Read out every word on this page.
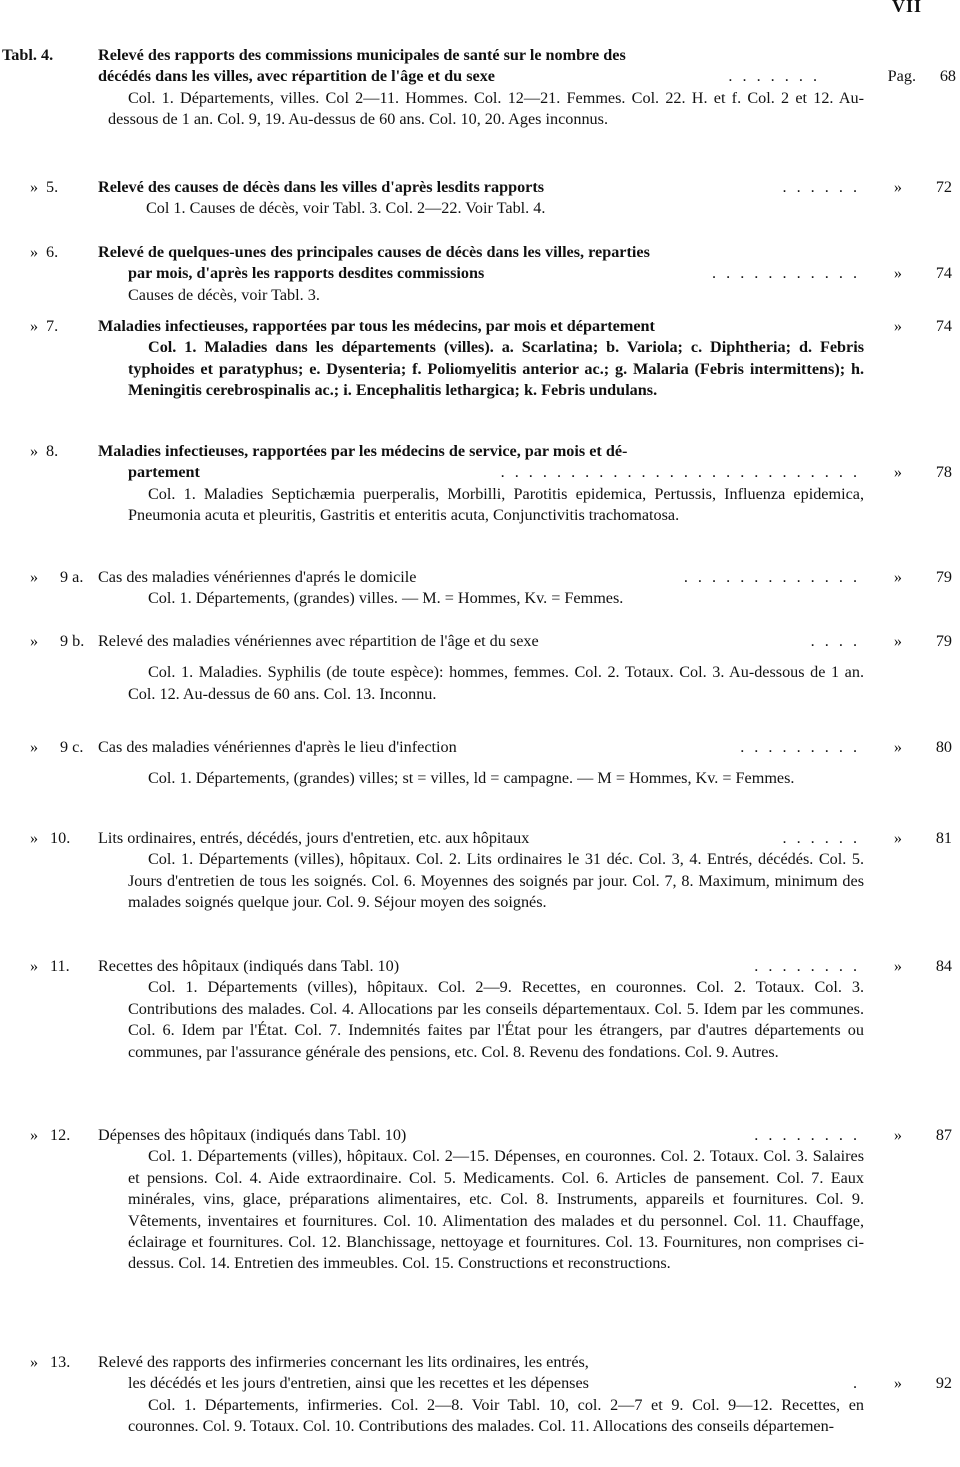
VII
Tabl. 4.	Relevé des rapports des commissions municipales de santé sur le nombre des
décédés dans les villes, avec répartition de l'âge et du sexe	. . . . . . .	Pag.	68
Col. 1. Départements, villes. Col 2—11. Hommes. Col. 12—21. Femmes. Col. 22. H. et f. Col. 2 et 12. Au-dessous de 1 an. Col. 9, 19. Au-dessus de 60 ans. Col. 10, 20. Ages inconnus.
» 5. Relevé des causes de décès dans les villes d'après lesdits rapports	. . . . . . »	72
Col 1. Causes de décès, voir Tabl. 3. Col. 2—22. Voir Tabl. 4.
» 6. Relevé de quelques-unes des principales causes de décès dans les villes, reparties
par mois, d'après les rapports desdites commissions	. . . . . . . . . . . »	74
Causes de décès, voir Tabl. 3.
» 7. Maladies infectieuses, rapportées par tous les médecins, par mois et département	»	74
Col. 1. Maladies dans les départements (villes). a. Scarlatina; b. Variola; c. Diphtheria; d. Febris typhoides et paratyphus; e. Dysenteria; f. Poliomyelitis anterior ac.; g. Malaria (Febris intermittens); h. Meningitis cerebrospinalis ac.; i. Encephalitis lethargica; k. Febris undulans.
» 8. Maladies infectieuses, rapportées par les médecins de service, par mois et dé-
partement	. . . . . . . . . . . . . . . . . . . . . . . . . . »	78
Col. 1. Maladies Septichæmia puerperalis, Morbilli, Parotitis epidemica, Pertussis, Influenza epidemica, Pneumonia acuta et pleuritis, Gastritis et enteritis acuta, Conjunctivitis trachomatosa.
» 9 a. Cas des maladies vénériennes d'aprés le domicile	. . . . . . . . . . . . . »	79
Col. 1. Départements, (grandes) villes. — M. = Hommes, Kv. = Femmes.
» 9 b. Relevé des maladies vénériennes avec répartition de l'âge et du sexe	. . . . »	79
Col. 1. Maladies. Syphilis (de toute espèce): hommes, femmes. Col. 2. Totaux. Col. 3. Au-dessous de 1 an. Col. 12. Au-dessus de 60 ans. Col. 13. Inconnu.
» 9 c. Cas des maladies vénériennes d'après le lieu d'infection	. . . . . . . . . »	80
Col. 1. Départements, (grandes) villes; st = villes, ld = campagne. — M = Hommes, Kv. = Femmes.
» 10. Lits ordinaires, entrés, décédés, jours d'entretien, etc. aux hôpitaux	. . . . . . »	81
Col. 1. Départements (villes), hôpitaux. Col. 2. Lits ordinaires le 31 déc. Col. 3, 4. Entrés, décédés. Col. 5. Jours d'entretien de tous les soignés. Col. 6. Moyennes des soignés par jour. Col. 7, 8. Maximum, minimum des malades soignés quelque jour. Col. 9. Séjour moyen des soignés.
» 11. Recettes des hôpitaux (indiqués dans Tabl. 10)	. . . . . . . . »	84
Col. 1. Départements (villes), hôpitaux. Col. 2—9. Recettes, en couronnes. Col. 2. Totaux. Col. 3. Contributions des malades. Col. 4. Allocations par les conseils départementaux. Col. 5. Idem par les communes. Col. 6. Idem par l'État. Col. 7. Indemnités faites par l'État pour les étrangers, par d'autres départements ou communes, par l'assurance générale des pensions, etc. Col. 8. Revenu des fondations. Col. 9. Autres.
» 12. Dépenses des hôpitaux (indiqués dans Tabl. 10)	. . . . . . . . »	87
Col. 1. Départements (villes), hôpitaux. Col. 2—15. Dépenses, en couronnes. Col. 2. Totaux. Col. 3. Salaires et pensions. Col. 4. Aide extraordinaire. Col. 5. Medicaments. Col. 6. Articles de pansement. Col. 7. Eaux minérales, vins, glace, préparations alimentaires, etc. Col. 8. Instruments, appareils et fournitures. Col. 9. Vêtements, inventaires et fournitures. Col. 10. Alimentation des malades et du personnel. Col. 11. Chauffage, éclairage et fournitures. Col. 12. Blanchissage, nettoyage et fournitures. Col. 13. Fournitures, non comprises ci-dessus. Col. 14. Entretien des immeubles. Col. 15. Constructions et reconstructions.
» 13. Relevé des rapports des infirmeries concernant les lits ordinaires, les entrés,
les décédés et les jours d'entretien, ainsi que les recettes et les dépenses	. »	92
Col. 1. Départements, infirmeries. Col. 2—8. Voir Tabl. 10, col. 2—7 et 9. Col. 9—12. Recettes, en couronnes. Col. 9. Totaux. Col. 10. Contributions des malades. Col. 11. Allocations des conseils départemen-
